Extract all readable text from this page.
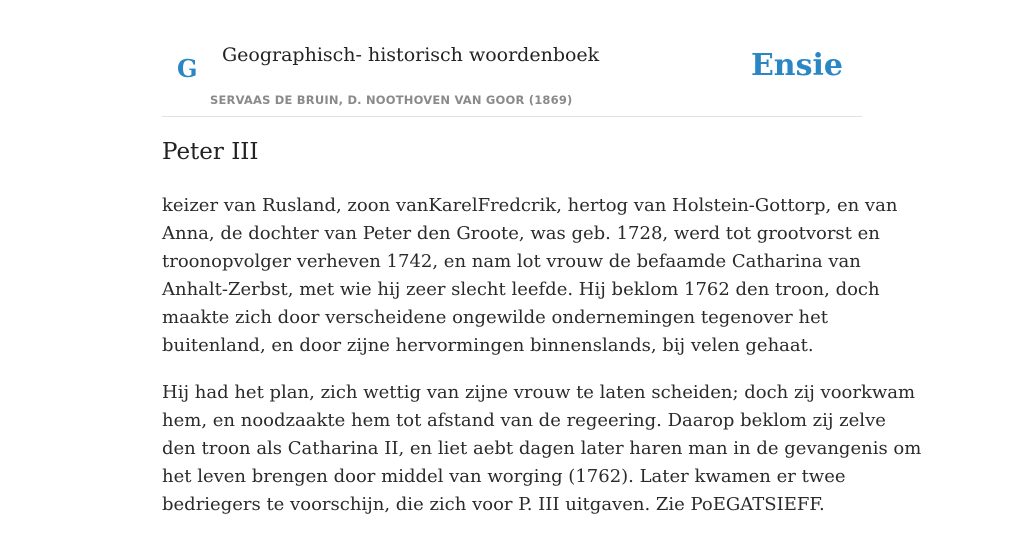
G Geographisch- historisch woordenboek
SERVAAS DE BRUIN, D. NOOTHOVEN VAN GOOR (1869)
Ensie
Peter III

keizer van Rusland, zoon vanKarelFredcrik, hertog van Holstein-Gottorp, en van
Anna, de dochter van Peter den Groote, was geb. 1728, werd tot grootvorst en
troonopvolger verheven 1742, en nam lot vrouw de befaamde Catharina van
Anhalt-Zerbst, met wie hij zeer slecht leefde. Hij beklom 1762 den troon, doch
maakte zich door verscheidene ongewilde ondernemingen tegenover het
buitenland, en door zijne hervormingen binnenslands, bij velen gehaat.

Hij had het plan, zich wettig van zijne vrouw te laten scheiden; doch zij voorkwam
hem, en noodzaakte hem tot afstand van de regeering. Daarop beklom zij zelve
den troon als Catharina II, en liet aebt dagen later haren man in de gevangenis om
het leven brengen door middel van worging (1762). Later kwamen er twee
bedriegers te voorschijn, die zich voor P. III uitgaven. Zie PoEGATSIEFF.
